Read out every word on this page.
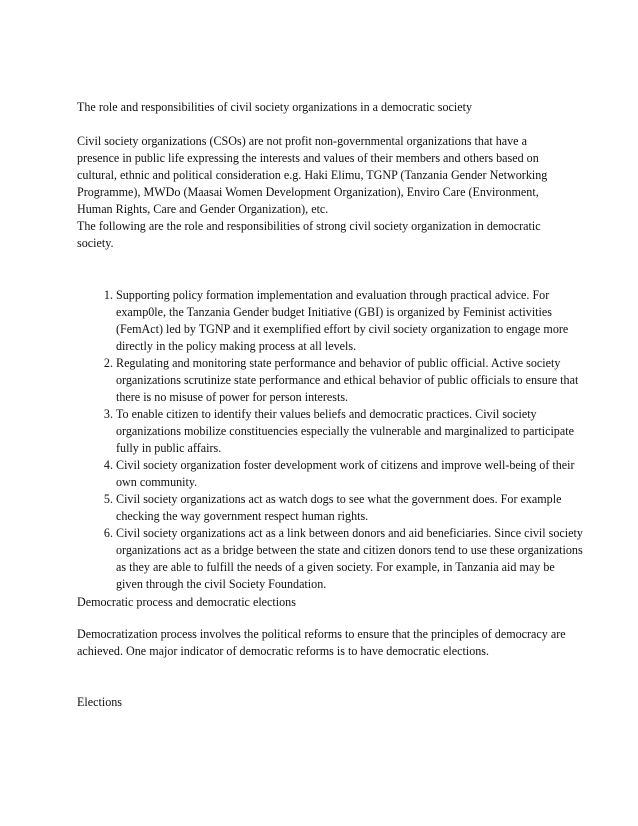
The role and responsibilities of civil society organizations in a democratic society

Civil society organizations (CSOs) are not profit non-governmental organizations that have a presence in public life expressing the interests and values of their members and others based on cultural, ethnic and political consideration e.g. Haki Elimu, TGNP (Tanzania Gender Networking Programme), MWDo (Maasai Women Development Organization), Enviro Care (Environment, Human Rights, Care and Gender Organization), etc.

The following are the role and responsibilities of strong civil society organization in democratic society.

1. Supporting policy formation implementation and evaluation through practical advice. For examp0le, the Tanzania Gender budget Initiative (GBI) is organized by Feminist activities (FemAct) led by TGNP and it exemplified effort by civil society organization to engage more directly in the policy making process at all levels.
2. Regulating and monitoring state performance and behavior of public official. Active society organizations scrutinize state performance and ethical behavior of public officials to ensure that there is no misuse of power for person interests.
3. To enable citizen to identify their values beliefs and democratic practices. Civil society organizations mobilize constituencies especially the vulnerable and marginalized to participate fully in public affairs.
4. Civil society organization foster development work of citizens and improve well-being of their own community.
5. Civil society organizations act as watch dogs to see what the government does. For example checking the way government respect human rights.
6. Civil society organizations act as a link between donors and aid beneficiaries. Since civil society organizations act as a bridge between the state and citizen donors tend to use these organizations as they are able to fulfill the needs of a given society. For example, in Tanzania aid may be given through the civil Society Foundation.

Democratic process and democratic elections

Democratization process involves the political reforms to ensure that the principles of democracy are achieved. One major indicator of democratic reforms is to have democratic elections.

Elections
